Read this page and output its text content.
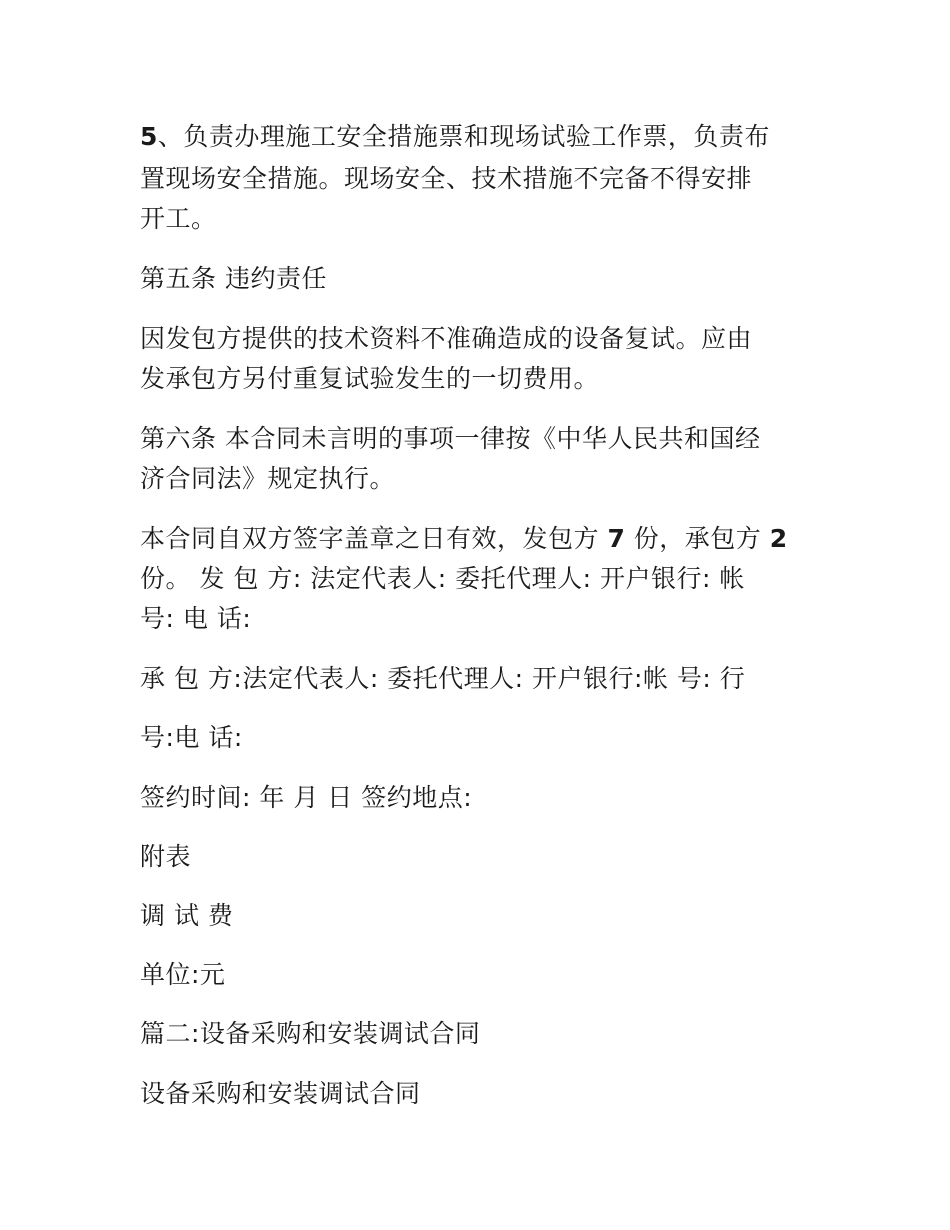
5、负责办理施工安全措施票和现场试验工作票，负责布
置现场安全措施。现场安全、技术措施不完备不得安排
开工。
第五条 违约责任
因发包方提供的技术资料不准确造成的设备复试。应由
发承包方另付重复试验发生的一切费用。
第六条 本合同未言明的事项一律按《中华人民共和国经
济合同法》规定执行。
本合同自双方签字盖章之日有效，发包方 7 份，承包方 2
份。 发 包 方: 法定代表人: 委托代理人: 开户银行: 帐
号: 电 话:
承 包 方:法定代表人: 委托代理人: 开户银行:帐 号: 行
号:电 话:
签约时间: 年 月 日 签约地点:
附表
调 试 费
单位:元
篇二:设备采购和安装调试合同
设备采购和安装调试合同
